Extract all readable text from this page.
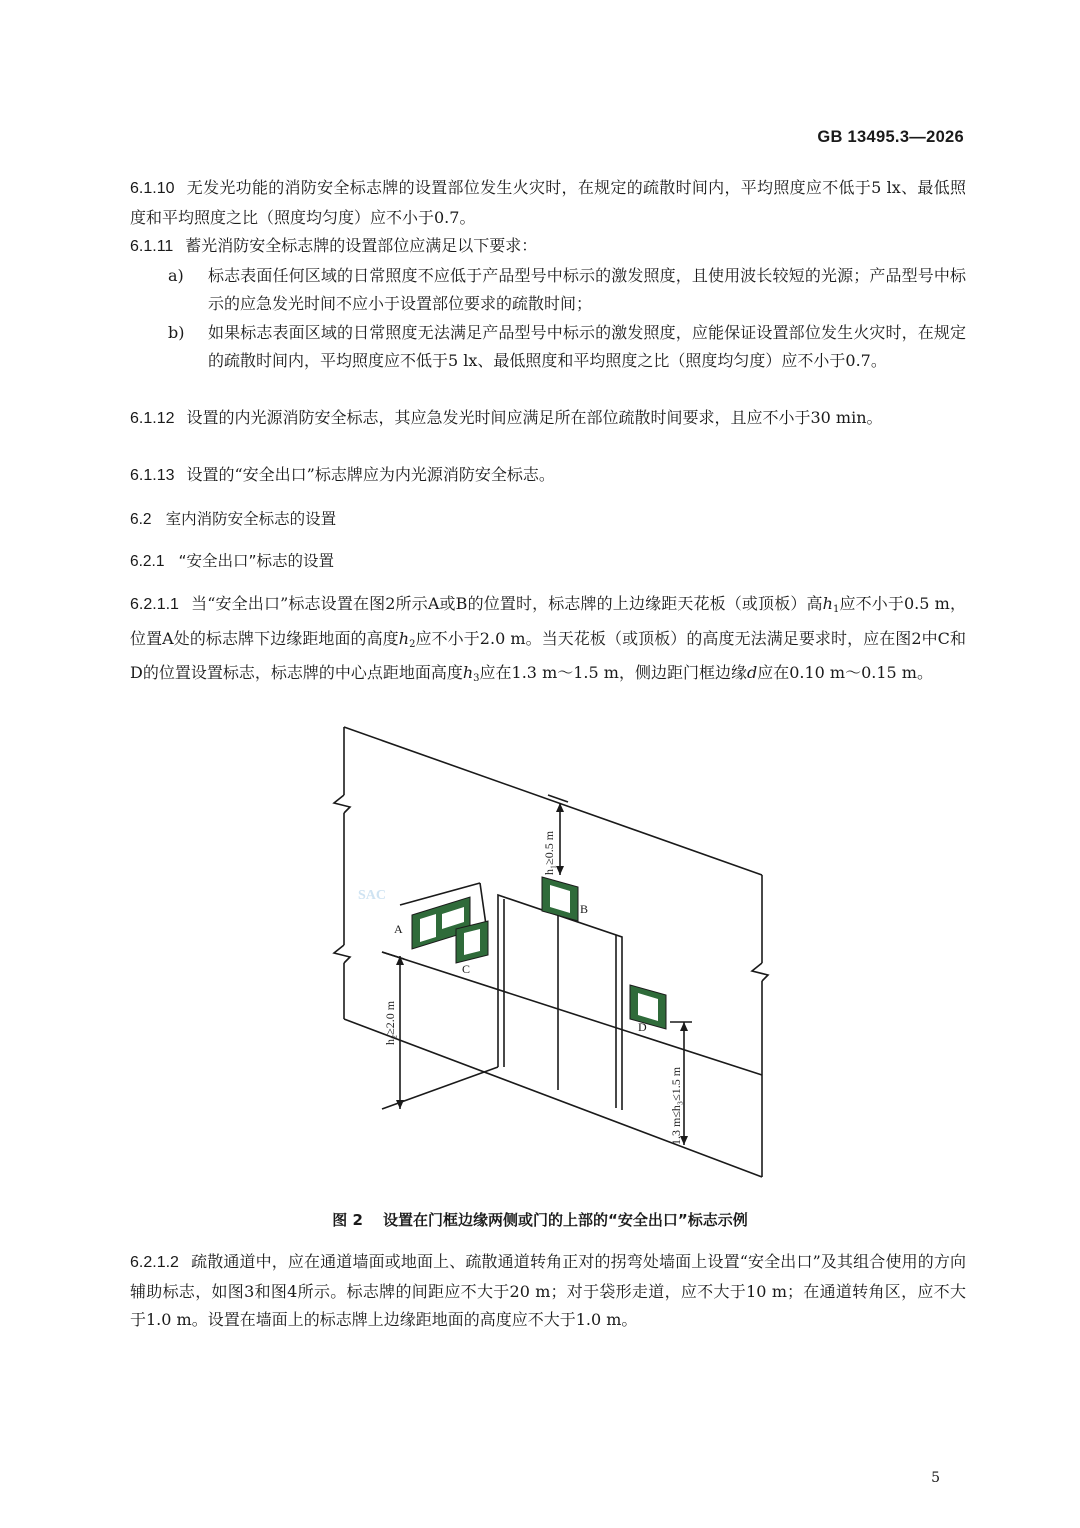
GB 13495.3—2026

6.1.10 无发光功能的消防安全标志牌的设置部位发生火灾时，在规定的疏散时间内，平均照度应不低于5 lx、最低照度和平均照度之比（照度均匀度）应不小于0.7。

6.1.11 蓄光消防安全标志牌的设置部位应满足以下要求：

a)	标志表面任何区域的日常照度不应低于产品型号中标示的激发照度，且使用波长较短的光源；产品型号中标示的应急发光时间不应小于设置部位要求的疏散时间；
b)	如果标志表面区域的日常照度无法满足产品型号中标示的激发照度，应能保证设置部位发生火灾时，在规定的疏散时间内，平均照度应不低于5 lx、最低照度和平均照度之比（照度均匀度）应不小于0.7。

6.1.12 设置的内光源消防安全标志，其应急发光时间应满足所在部位疏散时间要求，且应不小于30 min。

6.1.13 设置的“安全出口”标志牌应为内光源消防安全标志。

6.2 室内消防安全标志的设置

6.2.1 “安全出口”标志的设置

6.2.1.1 当“安全出口”标志设置在图2所示A或B的位置时，标志牌的上边缘距天花板（或顶板）高$h_1$应不小于0.5 m，位置A处的标志牌下边缘距地面的高度$h_2$应不小于2.0 m。当天花板（或顶板）的高度无法满足要求时，应在图2中C和D的位置设置标志，标志牌的中心点距地面高度$h_3$应在1.3 m～1.5 m，侧边距门框边缘d应在0.10 m～0.15 m。

h₁≥0.5 m
h₂≥2.0 m
1.3 m≤h₃≤1.5 m
A
C
B
D
SAC
图 2 设置在门框边缘两侧或门的上部的“安全出口”标志示例

6.2.1.2 疏散通道中，应在通道墙面或地面上、疏散通道转角正对的拐弯处墙面上设置“安全出口”及其组合使用的方向辅助标志，如图3和图4所示。标志牌的间距应不大于20 m；对于袋形走道，应不大于10 m；在通道转角区，应不大于1.0 m。设置在墙面上的标志牌上边缘距地面的高度应不大于1.0 m。

5
